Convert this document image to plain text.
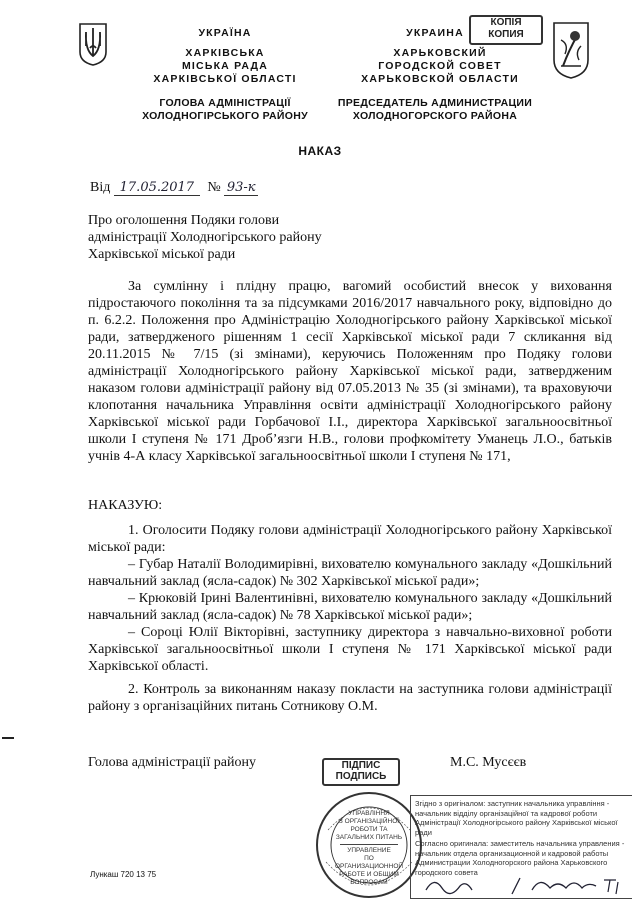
УКРАЇНА
ХАРКІВСЬКА
МІСЬКА РАДА
ХАРКІВСЬКОЇ ОБЛАСТІ
ГОЛОВА АДМІНІСТРАЦІЇ
ХОЛОДНОГІРСЬКОГО РАЙОНУ
УКРАИНА
КОПІЯ
КОПИЯ
ХАРЬКОВСКИЙ
ГОРОДСКОЙ СОВЕТ
ХАРЬКОВСКОЙ ОБЛАСТИ
ПРЕДСЕДАТЕЛЬ АДМИНИСТРАЦИИ
ХОЛОДНОГОРСКОГО РАЙОНА
НАКАЗ
Від 17.05.2017 № 93-к
Про оголошення Подяки голови
адміністрації Холодногірського району
Харківської міської ради
За сумлінну і плідну працю, вагомий особистий внесок у виховання підростаючого покоління та за підсумками 2016/2017 навчального року, відповідно до п. 6.2.2. Положення про Адміністрацію Холодногірського району Харківської міської ради, затвердженого рішенням 1 сесії Харківської міської ради 7 скликання від 20.11.2015 № 7/15 (зі змінами), керуючись Положенням про Подяку голови адміністрації Холодногірського району Харківської міської ради, затвердженим наказом голови адміністрації району від 07.05.2013 № 35 (зі змінами), та враховуючи клопотання начальника Управління освіти адміністрації Холодногірського району Харківської міської ради Горбачової І.І., директора Харківської загальноосвітньої школи І ступеня № 171 Дроб’язги Н.В., голови профкомітету Уманець Л.О., батьків учнів 4-А класу Харківської загальноосвітньої школи І ступеня № 171,
НАКАЗУЮ:
1. Оголосити Подяку голови адміністрації Холодногірського району Харківської міської ради:
– Губар Наталії Володимирівні, вихователю комунального закладу «Дошкільний навчальний заклад (ясла-садок) № 302 Харківської міської ради»;
– Крюковій Ірині Валентинівні, вихователю комунального закладу «Дошкільний навчальний заклад (ясла-садок) № 78 Харківської міської ради»;
– Сороці Юлії Вікторівні, заступнику директора з навчально-виховної роботи Харківської загальноосвітньої школи І ступеня № 171 Харківської міської ради Харківської області.
2. Контроль за виконанням наказу покласти на заступника голови адміністрації району з організаційних питань Сотникову О.М.
Голова адміністрації району	ПІДПИС
ПОДПИСЬ
М.С. Мусєєв
УПРАВЛІННЯ
З ОРГАНІЗАЦІЙНОЇ
РОБОТИ ТА
ЗАГАЛЬНИХ ПИТАНЬ
УПРАВЛЕНИЕ
ПО ОРГАНИЗАЦИОННОЙ
РАБОТЕ И ОБЩИМ
ВОПРОСАМ
Згідно з оригіналом: заступник начальника управління - начальник відділу організаційної та кадрової роботи Адміністрації Холодногірського району Харківської міської ради
Согласно оригинала: заместитель начальника управления - начальник отдела организационной и кадровой работы Администрации Холодногорского района Харьковского городского совета
Лункаш 720 13 75
